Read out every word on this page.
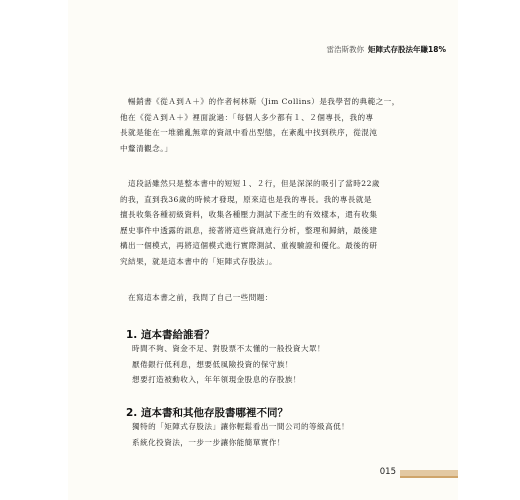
雷浩斯教你 矩陣式存股法年賺18%
　暢銷書《從Ａ到Ａ＋》的作者柯林斯（Jim Collins）是我學習的典範之一，
他在《從Ａ到Ａ＋》裡面說過：「每個人多少都有１、２個專長，我的專
長就是能在一堆雜亂無章的資訊中看出型態，在紊亂中找到秩序，從混沌
中釐清觀念。」
　這段話雖然只是整本書中的短短１、２行，但是深深的吸引了當時22歲
的我，直到我36歲的時候才發現，原來這也是我的專長。我的專長就是
擅長收集各種初級資料，收集各種壓力測試下產生的有效樣本，還有收集
歷史事件中透露的訊息，接著將這些資訊進行分析，整理和歸納，最後建
構出一個模式，再將這個模式進行實際測試、重複驗證和優化。最後的研
究結果，就是這本書中的「矩陣式存股法」。
　在寫這本書之前，我問了自己一些問題：
1. 這本書給誰看？
　時間不夠、資金不足、對股票不太懂的一般投資大眾！
　厭倦銀行低利息，想要低風險投資的保守族！
　想要打造被動收入，年年領現金股息的存股族！
2. 這本書和其他存股書哪裡不同？
　獨特的「矩陣式存股法」讓你輕鬆看出一間公司的等級高低！
　系統化投資法，一步一步讓你能簡單實作！
015
